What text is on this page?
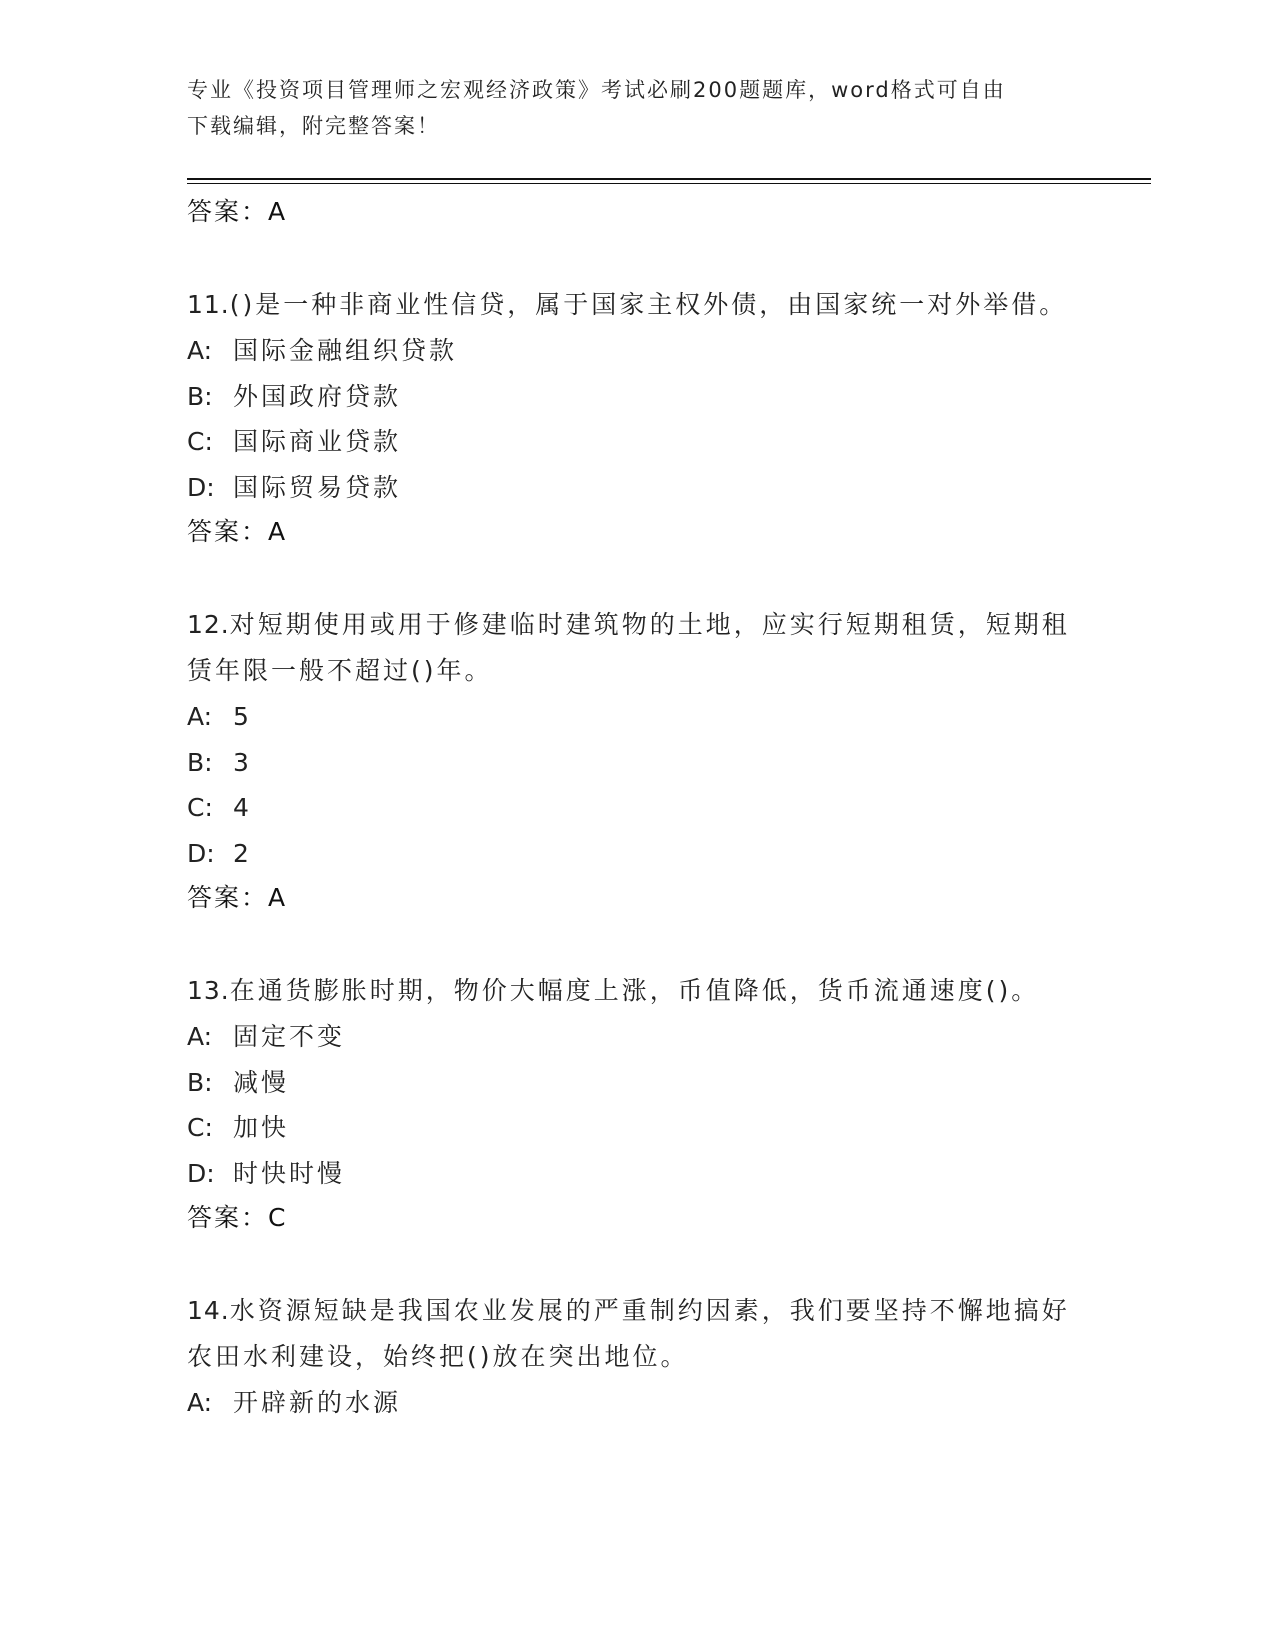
专业《投资项目管理师之宏观经济政策》考试必刷200题题库，word格式可自由
下载编辑，附完整答案！

答案：A

11.()是一种非商业性信贷，属于国家主权外债，由国家统一对外举借。

A: 国际金融组织贷款

B: 外国政府贷款

C: 国际商业贷款

D: 国际贸易贷款

答案：A

12.对短期使用或用于修建临时建筑物的土地，应实行短期租赁，短期租赁年限一般不超过()年。

A: 5

B: 3

C: 4

D: 2

答案：A

13.在通货膨胀时期，物价大幅度上涨，币值降低，货币流通速度()。

A: 固定不变

B: 减慢

C: 加快

D: 时快时慢

答案：C

14.水资源短缺是我国农业发展的严重制约因素，我们要坚持不懈地搞好农田水利建设，始终把()放在突出地位。

A: 开辟新的水源
